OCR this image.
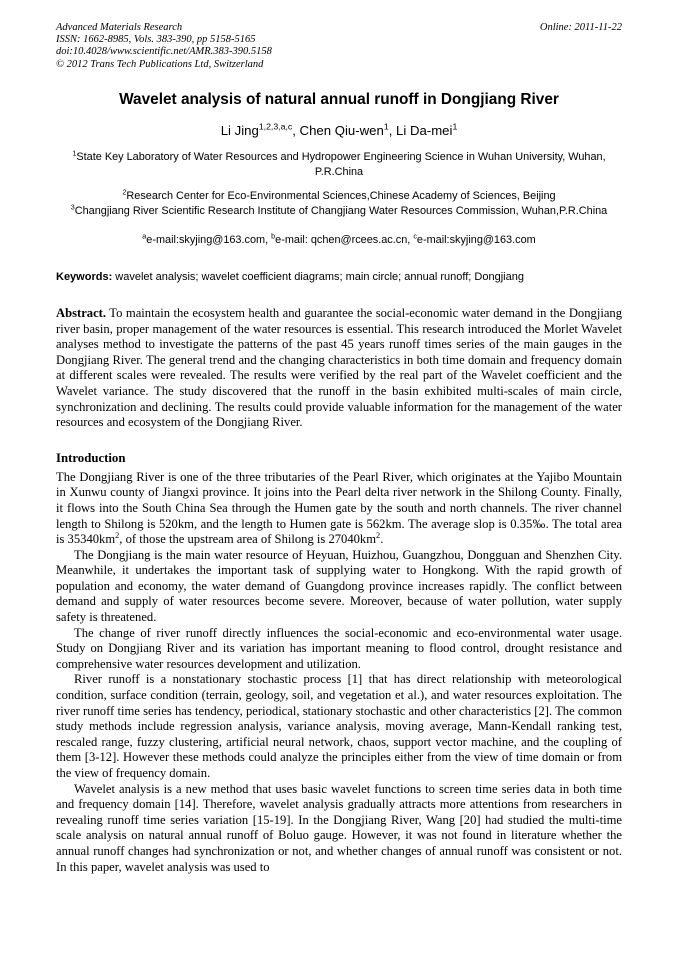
Advanced Materials Research
ISSN: 1662-8985, Vols. 383-390, pp 5158-5165
doi:10.4028/www.scientific.net/AMR.383-390.5158
© 2012 Trans Tech Publications Ltd, Switzerland
Online: 2011-11-22
Wavelet analysis of natural annual runoff in Dongjiang River
Li Jing$^{1,2,3,a,c}$, Chen Qiu-wen$^1$, Li Da-mei$^1$

$^1$State Key Laboratory of Water Resources and Hydropower Engineering Science in Wuhan University, Wuhan, P.R.China

$^2$Research Center for Eco-Environmental Sciences,Chinese Academy of Sciences, Beijing

$^3$Changjiang River Scientific Research Institute of Changjiang Water Resources Commission, Wuhan,P.R.China

$^a$e-mail:skyjing@163.com, $^b$e-mail: qchen@rcees.ac.cn, $^c$e-mail:skyjing@163.com
Keywords: wavelet analysis; wavelet coefficient diagrams; main circle; annual runoff; Dongjiang
Abstract. To maintain the ecosystem health and guarantee the social-economic water demand in the Dongjiang river basin, proper management of the water resources is essential. This research introduced the Morlet Wavelet analyses method to investigate the patterns of the past 45 years runoff times series of the main gauges in the Dongjiang River. The general trend and the changing characteristics in both time domain and frequency domain at different scales were revealed. The results were verified by the real part of the Wavelet coefficient and the Wavelet variance. The study discovered that the runoff in the basin exhibited multi-scales of main circle, synchronization and declining. The results could provide valuable information for the management of the water resources and ecosystem of the Dongjiang River.
Introduction

The Dongjiang River is one of the three tributaries of the Pearl River, which originates at the Yajibo Mountain in Xunwu county of Jiangxi province. It joins into the Pearl delta river network in the Shilong County. Finally, it flows into the South China Sea through the Humen gate by the south and north channels. The river channel length to Shilong is 520km, and the length to Humen gate is 562km. The average slop is 0.35‰. The total area is $35340km^2$, of those the upstream area of Shilong is $27040km^2$.

The Dongjiang is the main water resource of Heyuan, Huizhou, Guangzhou, Dongguan and Shenzhen City. Meanwhile, it undertakes the important task of supplying water to Hongkong. With the rapid growth of population and economy, the water demand of Guangdong province increases rapidly. The conflict between demand and supply of water resources become severe. Moreover, because of water pollution, water supply safety is threatened.

The change of river runoff directly influences the social-economic and eco-environmental water usage. Study on Dongjiang River and its variation has important meaning to flood control, drought resistance and comprehensive water resources development and utilization.

River runoff is a nonstationary stochastic process [1] that has direct relationship with meteorological condition, surface condition (terrain, geology, soil, and vegetation et al.), and water resources exploitation. The river runoff time series has tendency, periodical, stationary stochastic and other characteristics [2]. The common study methods include regression analysis, variance analysis, moving average, Mann-Kendall ranking test, rescaled range, fuzzy clustering, artificial neural network, chaos, support vector machine, and the coupling of them [3-12]. However these methods could analyze the principles either from the view of time domain or from the view of frequency domain.

Wavelet analysis is a new method that uses basic wavelet functions to screen time series data in both time and frequency domain [14]. Therefore, wavelet analysis gradually attracts more attentions from researchers in revealing runoff time series variation [15-19]. In the Dongjiang River, Wang [20] had studied the multi-time scale analysis on natural annual runoff of Boluo gauge. However, it was not found in literature whether the annual runoff changes had synchronization or not, and whether changes of annual runoff was consistent or not. In this paper, wavelet analysis was used to
